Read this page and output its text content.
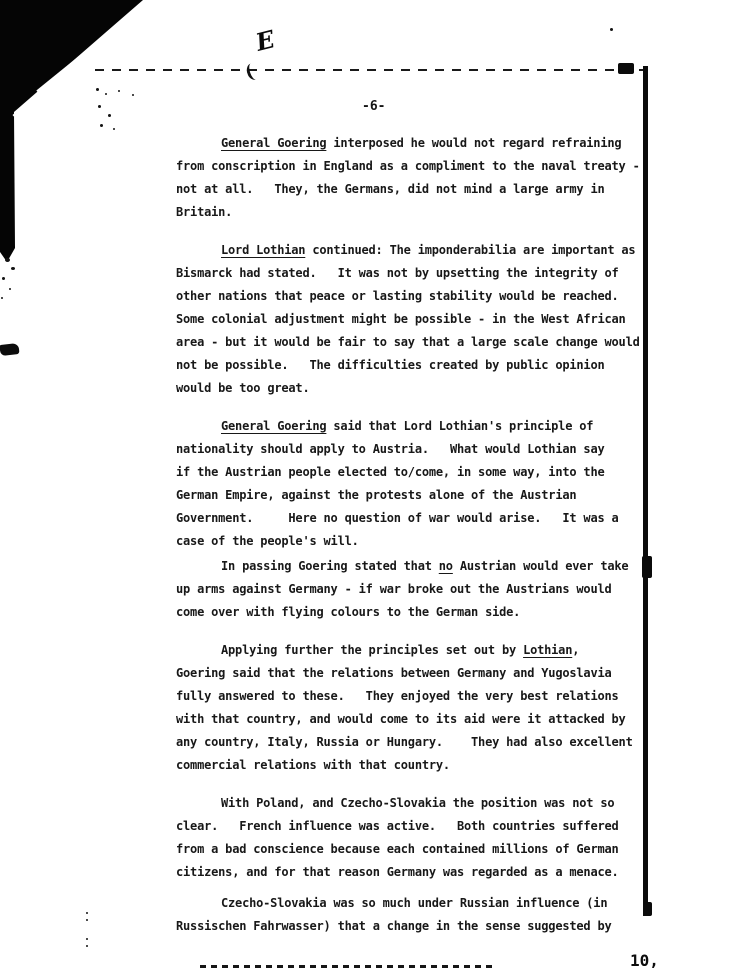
E
-6-
General Goering interposed he would not regard refraining
from conscription in England as a compliment to the naval treaty -
not at all.   They, the Germans, did not mind a large army in
Britain.
Lord Lothian continued: The imponderabilia are important as
Bismarck had stated.   It was not by upsetting the integrity of
other nations that peace or lasting stability would be reached.
Some colonial adjustment might be possible - in the West African
area - but it would be fair to say that a large scale change would
not be possible.   The difficulties created by public opinion
would be too great.
General Goering said that Lord Lothian's principle of
nationality should apply to Austria.   What would Lothian say
if the Austrian people elected to/come, in some way, into the
German Empire, against the protests alone of the Austrian
Government.     Here no question of war would arise.   It was a
case of the people's will.
In passing Goering stated that no Austrian would ever take
up arms against Germany - if war broke out the Austrians would
come over with flying colours to the German side.
Applying further the principles set out by Lothian,
Goering said that the relations between Germany and Yugoslavia
fully answered to these.   They enjoyed the very best relations
with that country, and would come to its aid were it attacked by
any country, Italy, Russia or Hungary.    They had also excellent
commercial relations with that country.
With Poland, and Czecho-Slovakia the position was not so
clear.   French influence was active.   Both countries suffered
from a bad conscience because each contained millions of German
citizens, and for that reason Germany was regarded as a menace.
Czecho-Slovakia was so much under Russian influence (in
Russischen Fahrwasser) that a change in the sense suggested by
10,
